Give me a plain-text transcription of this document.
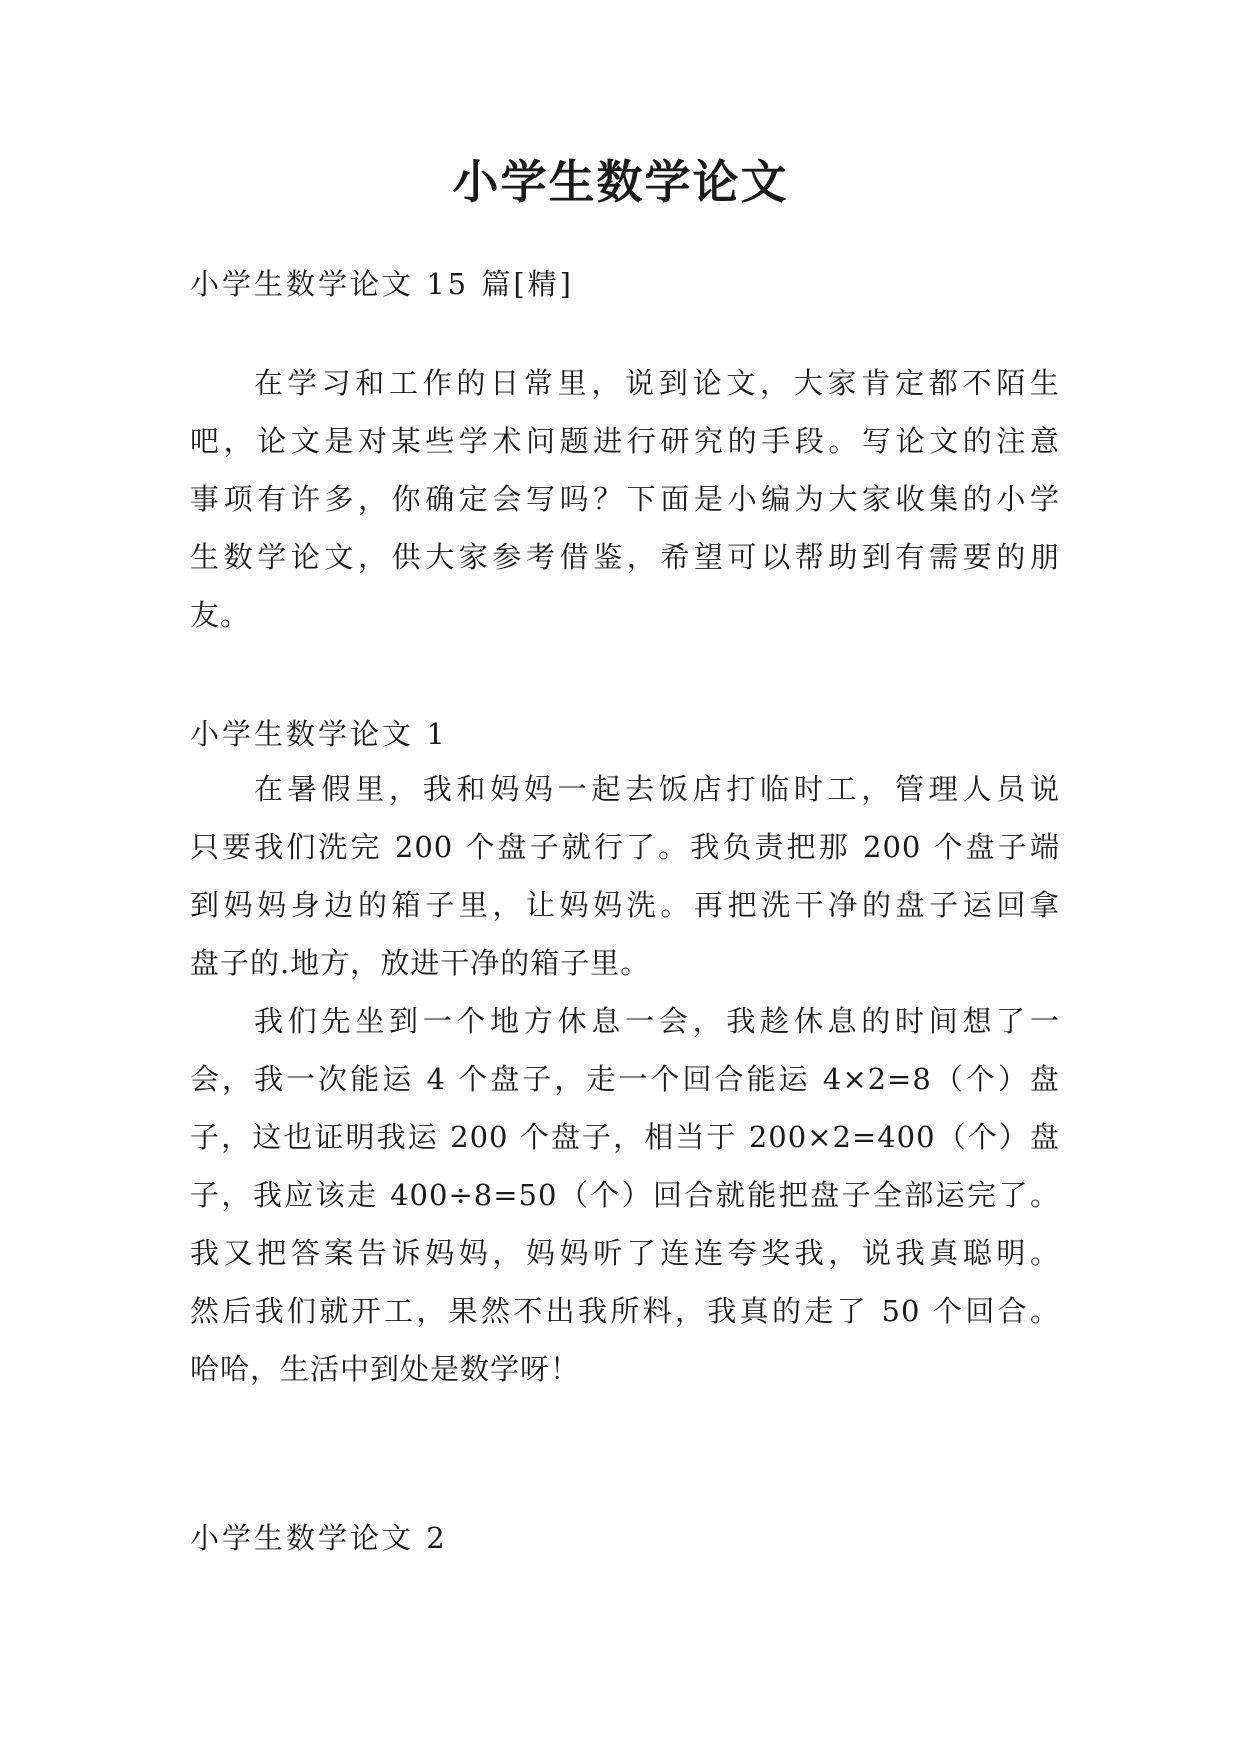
小学生数学论文

小学生数学论文 15 篇[精]

在学习和工作的日常里，说到论文，大家肯定都不陌生
吧，论文是对某些学术问题进行研究的手段。写论文的注意
事项有许多，你确定会写吗？下面是小编为大家收集的小学
生数学论文，供大家参考借鉴，希望可以帮助到有需要的朋
友。

小学生数学论文 1

在暑假里，我和妈妈一起去饭店打临时工，管理人员说
只要我们洗完 200 个盘子就行了。我负责把那 200 个盘子端
到妈妈身边的箱子里，让妈妈洗。再把洗干净的盘子运回拿
盘子的.地方，放进干净的箱子里。
我们先坐到一个地方休息一会，我趁休息的时间想了一
会，我一次能运 4 个盘子，走一个回合能运 4×2=8（个）盘
子，这也证明我运 200 个盘子，相当于 200×2=400（个）盘
子，我应该走 400÷8=50（个）回合就能把盘子全部运完了。
我又把答案告诉妈妈，妈妈听了连连夸奖我，说我真聪明。
然后我们就开工，果然不出我所料，我真的走了 50 个回合。
哈哈，生活中到处是数学呀！

小学生数学论文 2
